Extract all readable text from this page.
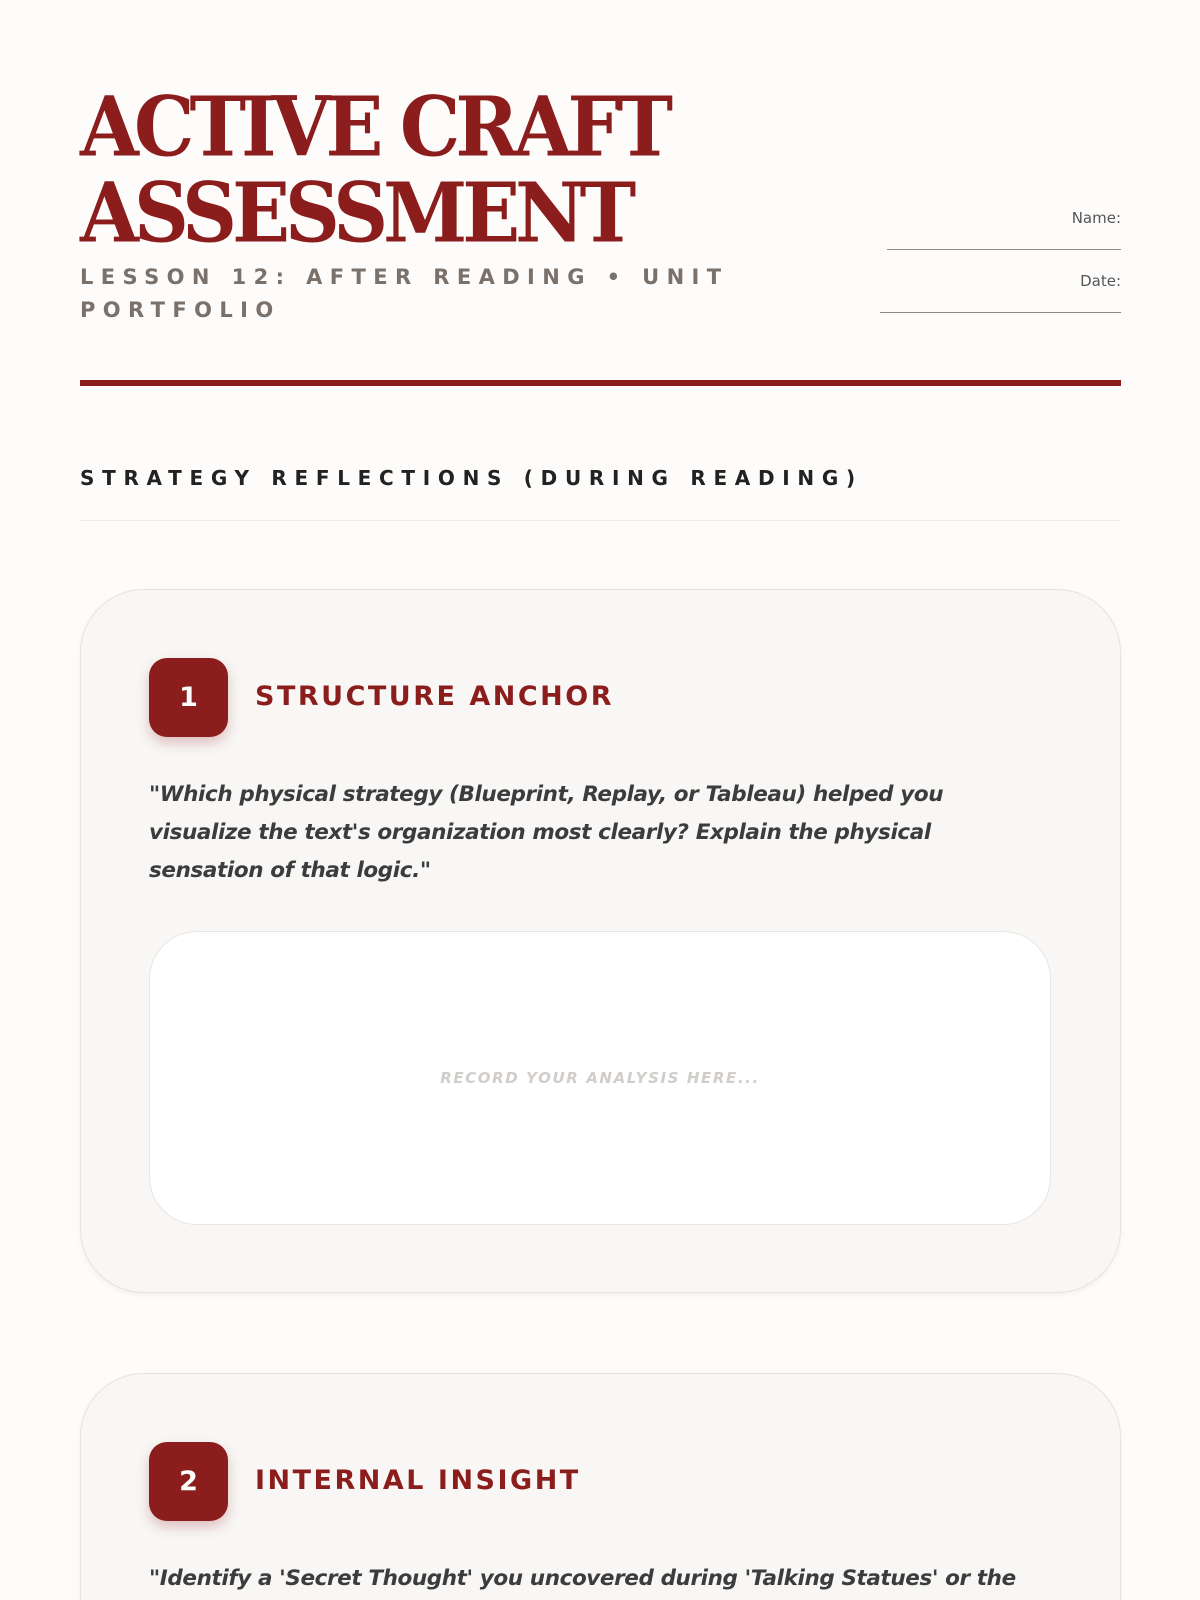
ACTIVE CRAFT
ASSESSMENT
LESSON 12: AFTER READING • UNIT PORTFOLIO
Name:
Date:
STRATEGY REFLECTIONS (DURING READING)
1	STRUCTURE ANCHOR
"Which physical strategy (Blueprint, Replay, or Tableau) helped you visualize the text's organization most clearly? Explain the physical sensation of that logic."
RECORD YOUR ANALYSIS HERE...
2	INTERNAL INSIGHT
"Identify a 'Secret Thought' you uncovered during 'Talking Statues' or the
